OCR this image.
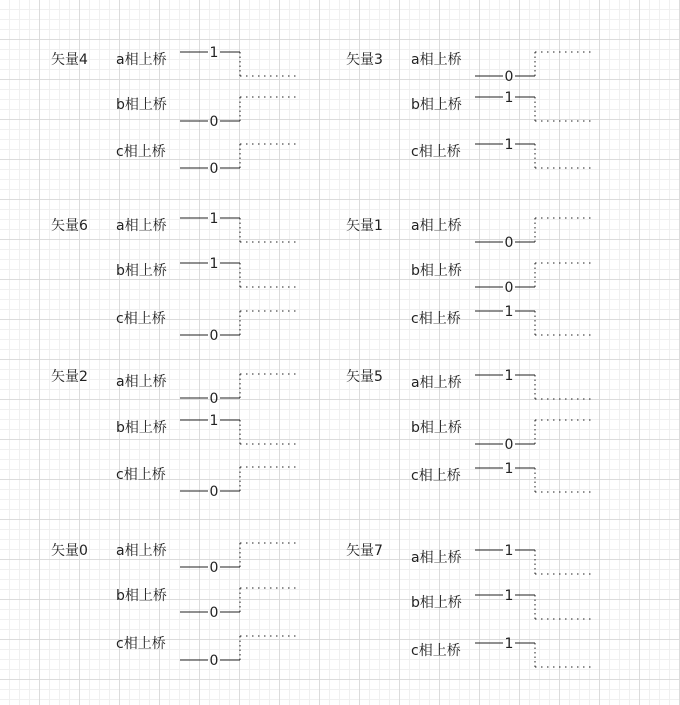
矢量4 a相上桥	1
b相上桥
0
c相上桥
0
矢量3 a相上桥
0
b相上桥	1
c相上桥	1
矢量6 a相上桥	1
b相上桥	1
c相上桥
0
矢量1 a相上桥
0
b相上桥
0
c相上桥	1
矢量2 a相上桥
0
b相上桥	1
c相上桥
0
矢量5 a相上桥	1
b相上桥
0
c相上桥	1
矢量0 a相上桥
0
b相上桥
0
c相上桥
0
矢量7 a相上桥	1
b相上桥	1
c相上桥	1
